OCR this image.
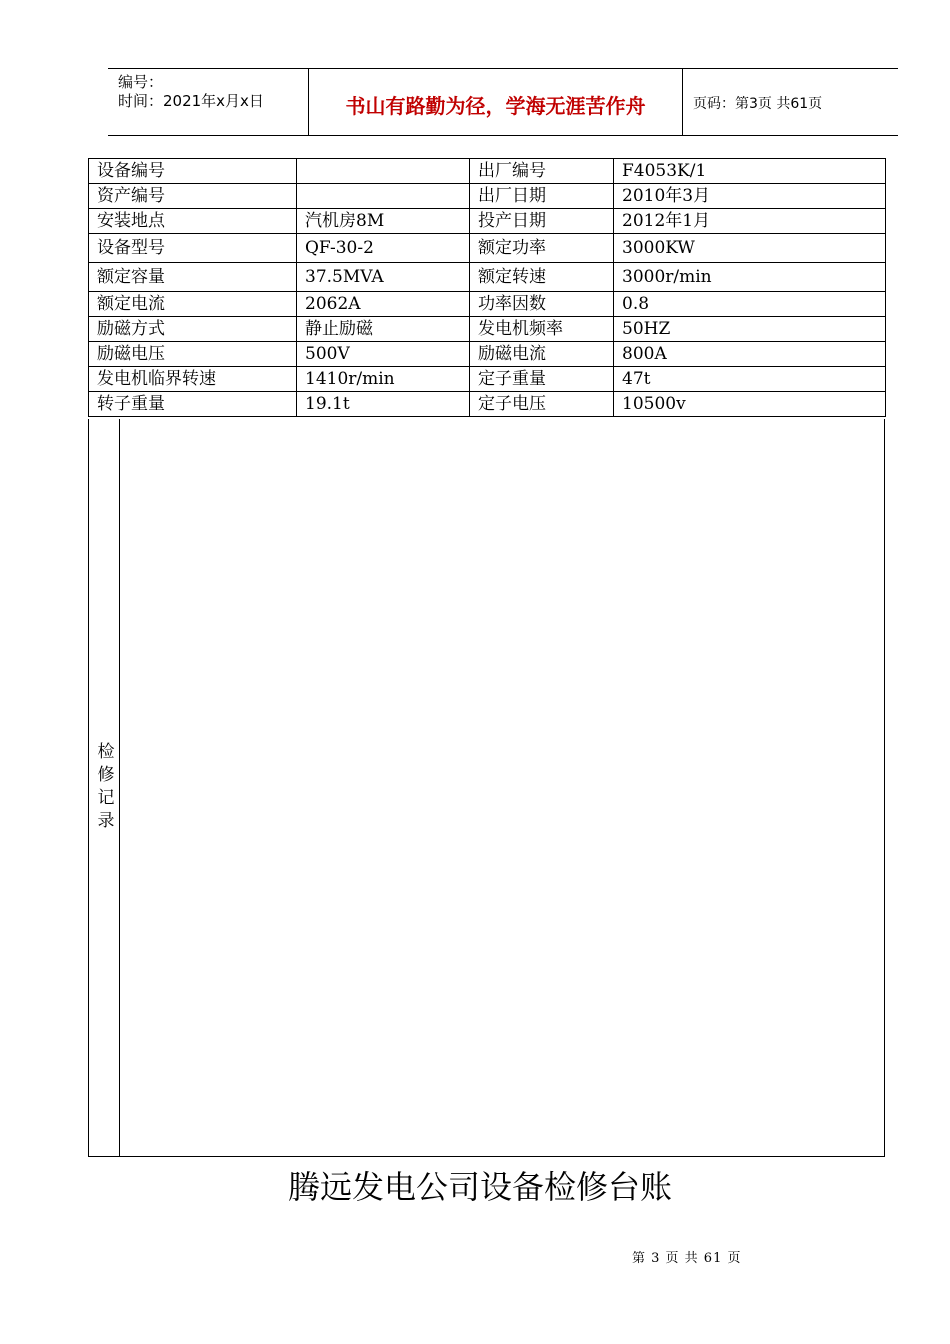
编号：
时间：2021年x月x日	书山有路勤为径，学海无涯苦作舟	页码：第3页 共61页
设备编号		出厂编号	F4053K/1
资产编号		出厂日期	2010年3月
安装地点	汽机房8M	投产日期	2012年1月
设备型号	QF-30-2	额定功率	3000KW
额定容量	37.5MVA	额定转速	3000r/min
额定电流	2062A	功率因数	0.8
励磁方式	静止励磁	发电机频率	50HZ
励磁电压	500V	励磁电流	800A
发电机临界转速	1410r/min	定子重量	47t
转子重量	19.1t	定子电压	10500v
检修记录
腾远发电公司设备检修台账
第 3 页 共 61 页
